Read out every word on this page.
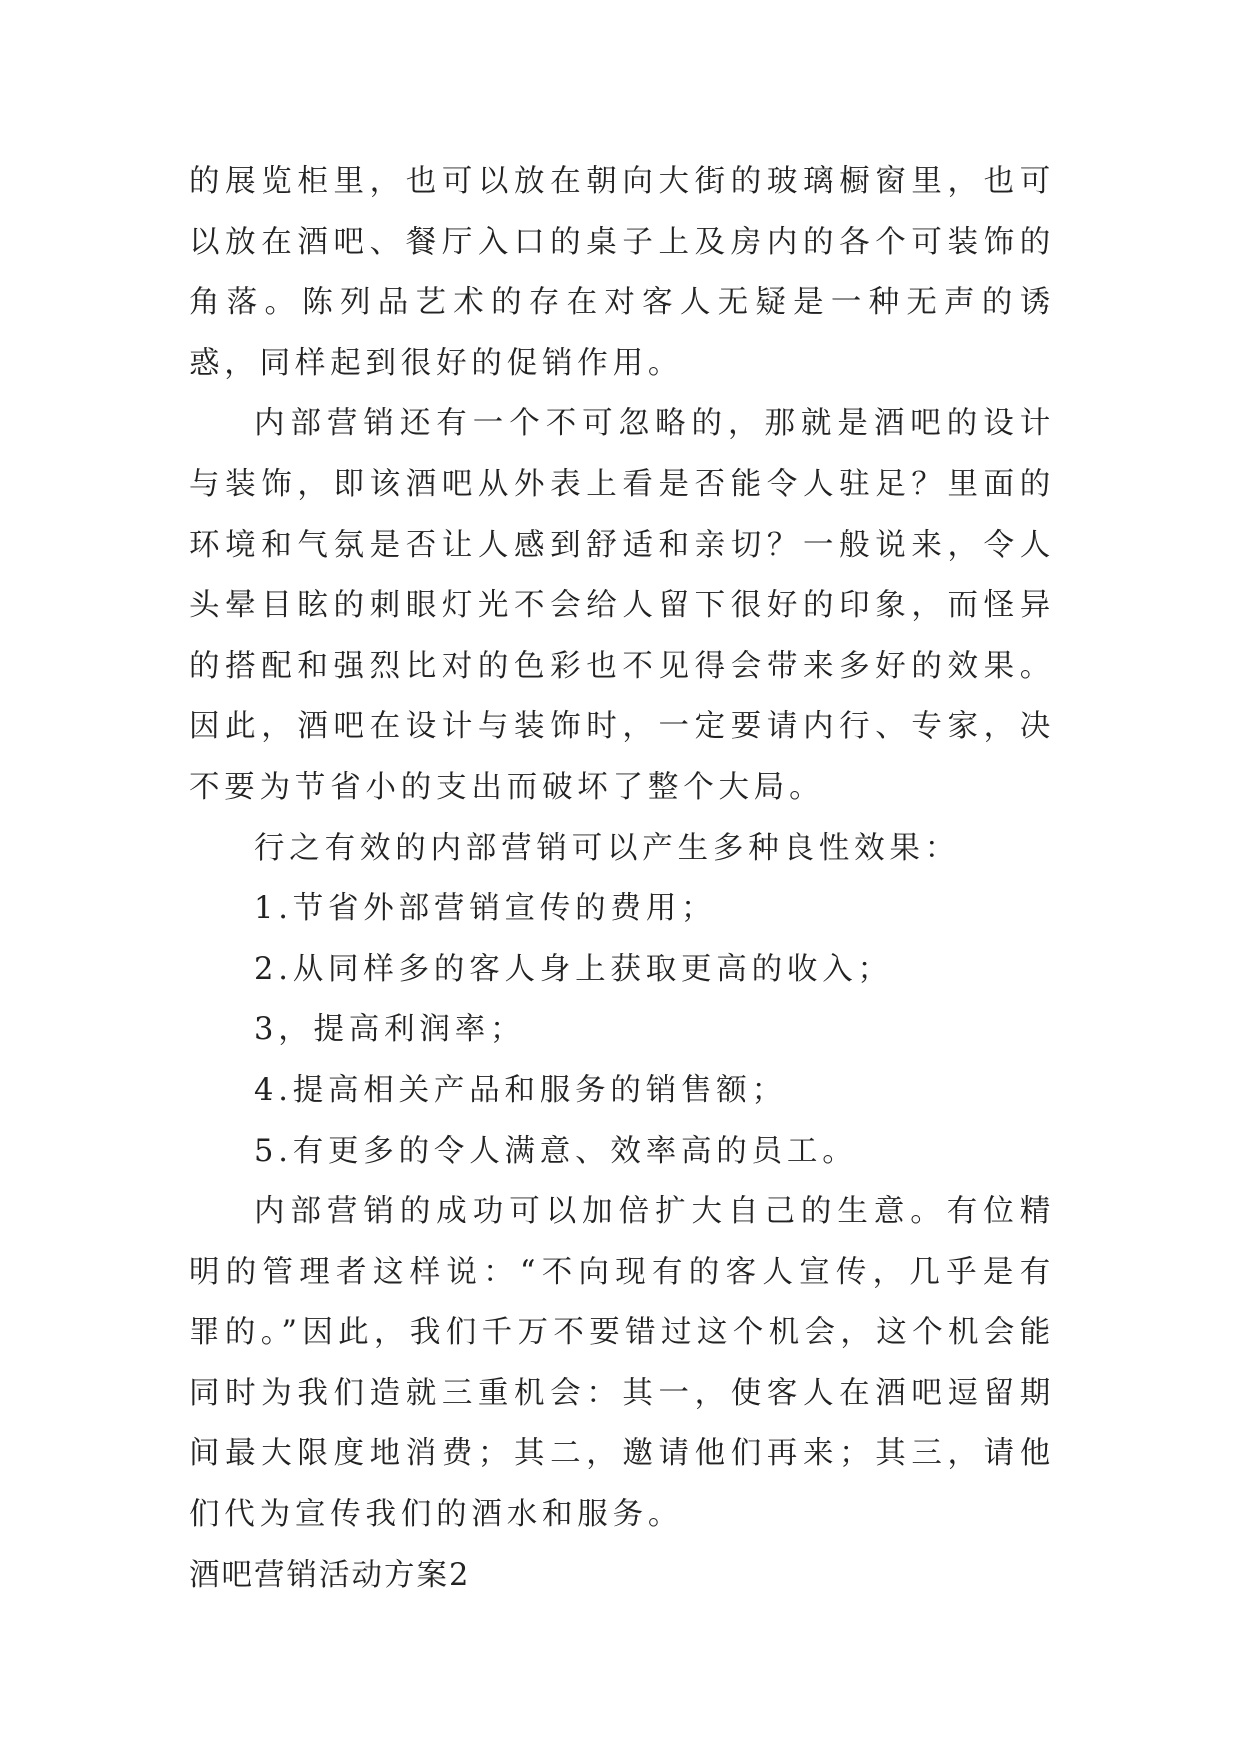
的展览柜里，也可以放在朝向大街的玻璃橱窗里，也可以放在酒吧、餐厅入口的桌子上及房内的各个可装饰的角落。陈列品艺术的存在对客人无疑是一种无声的诱惑，同样起到很好的促销作用。

内部营销还有一个不可忽略的，那就是酒吧的设计与装饰，即该酒吧从外表上看是否能令人驻足？里面的环境和气氛是否让人感到舒适和亲切？一般说来，令人头晕目眩的刺眼灯光不会给人留下很好的印象，而怪异的搭配和强烈比对的色彩也不见得会带来多好的效果。因此，酒吧在设计与装饰时，一定要请内行、专家，决不要为节省小的支出而破坏了整个大局。

行之有效的内部营销可以产生多种良性效果：

1.节省外部营销宣传的费用；

2.从同样多的客人身上获取更高的收入；

3，提高利润率；

4.提高相关产品和服务的销售额；

5.有更多的令人满意、效率高的员工。

内部营销的成功可以加倍扩大自己的生意。有位精明的管理者这样说：“不向现有的客人宣传，几乎是有罪的。”因此，我们千万不要错过这个机会，这个机会能同时为我们造就三重机会：其一，使客人在酒吧逗留期间最大限度地消费；其二，邀请他们再来；其三，请他们代为宣传我们的酒水和服务。

酒吧营销活动方案2
